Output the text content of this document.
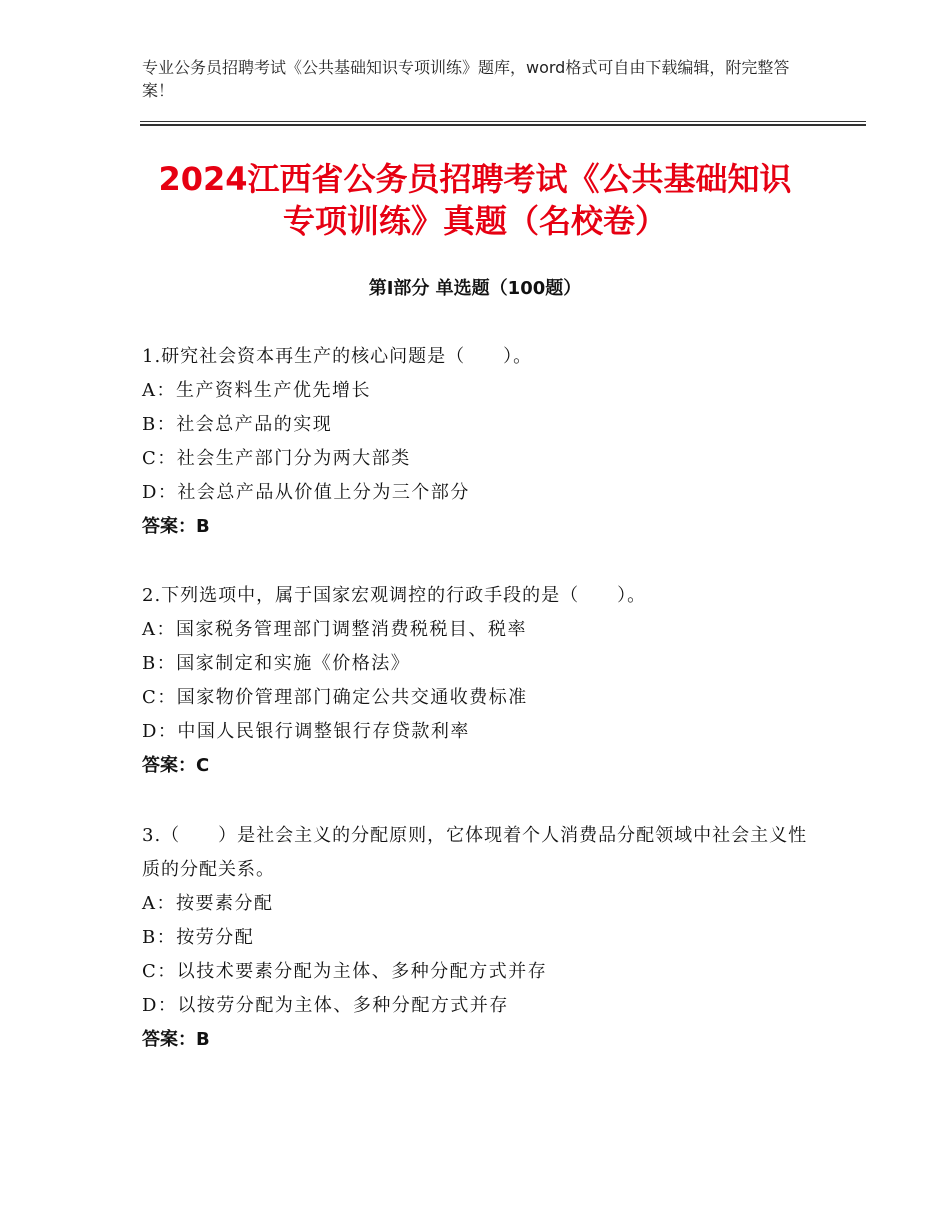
专业公务员招聘考试《公共基础知识专项训练》题库，word格式可自由下载编辑，附完整答案！
2024江西省公务员招聘考试《公共基础知识
专项训练》真题（名校卷）
第Ⅰ部分 单选题（100题）

1.研究社会资本再生产的核心问题是（　　）。

A：生产资料生产优先增长

B：社会总产品的实现

C：社会生产部门分为两大部类

D：社会总产品从价值上分为三个部分

答案：B

2.下列选项中，属于国家宏观调控的行政手段的是（　　）。

A：国家税务管理部门调整消费税税目、税率

B：国家制定和实施《价格法》

C：国家物价管理部门确定公共交通收费标准

D：中国人民银行调整银行存贷款利率

答案：C

3.（　　）是社会主义的分配原则，它体现着个人消费品分配领域中社会主义性质的分配关系。

A：按要素分配

B：按劳分配

C：以技术要素分配为主体、多种分配方式并存

D：以按劳分配为主体、多种分配方式并存

答案：B
